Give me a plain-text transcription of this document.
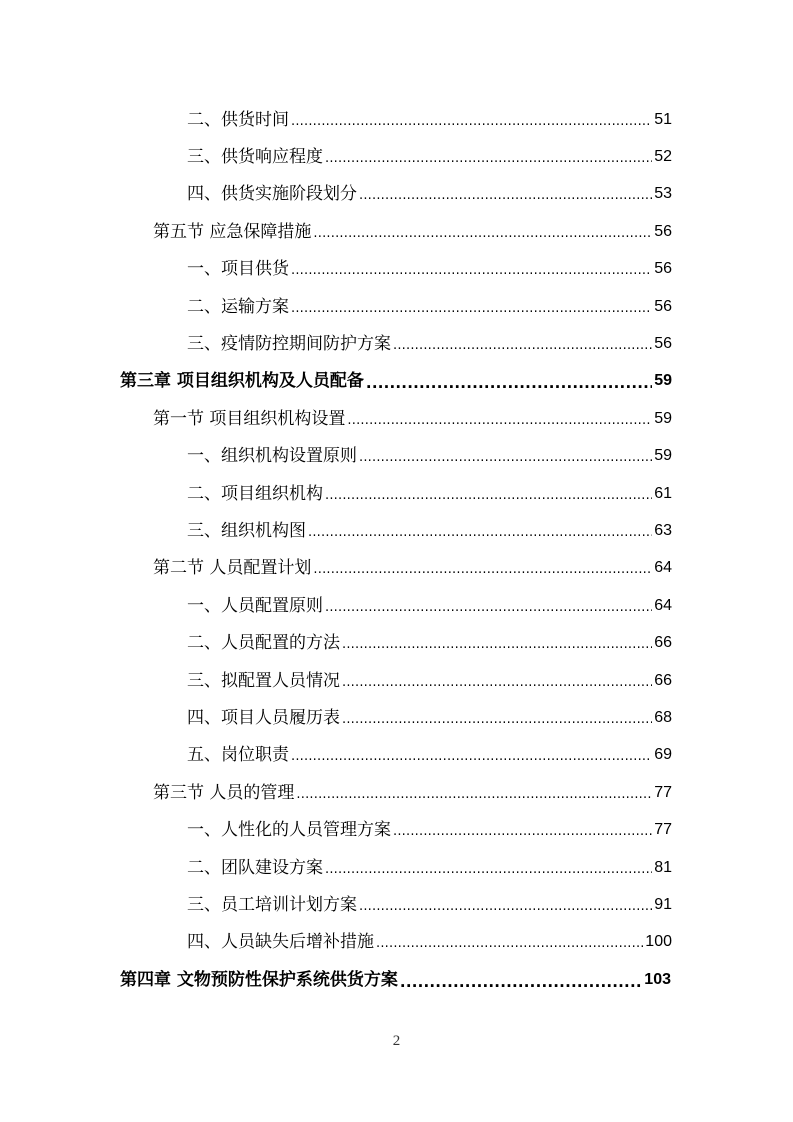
二、供货时间 .....	51
三、供货响应程度 .....	52
四、供货实施阶段划分 .....	53
第五节 应急保障措施 .....	56
一、项目供货 .....	56
二、运输方案 .....	56
三、疫情防控期间防护方案 .....	56
第三章 项目组织机构及人员配备 .....	59
第一节 项目组织机构设置 .....	59
一、组织机构设置原则 .....	59
二、项目组织机构 .....	61
三、组织机构图 .....	63
第二节 人员配置计划 .....	64
一、人员配置原则 .....	64
二、人员配置的方法 .....	66
三、拟配置人员情况 .....	66
四、项目人员履历表 .....	68
五、岗位职责 .....	69
第三节 人员的管理 .....	77
一、人性化的人员管理方案 .....	77
二、团队建设方案 .....	81
三、员工培训计划方案 .....	91
四、人员缺失后增补措施 .....	100
第四章 文物预防性保护系统供货方案 .....	103
2
